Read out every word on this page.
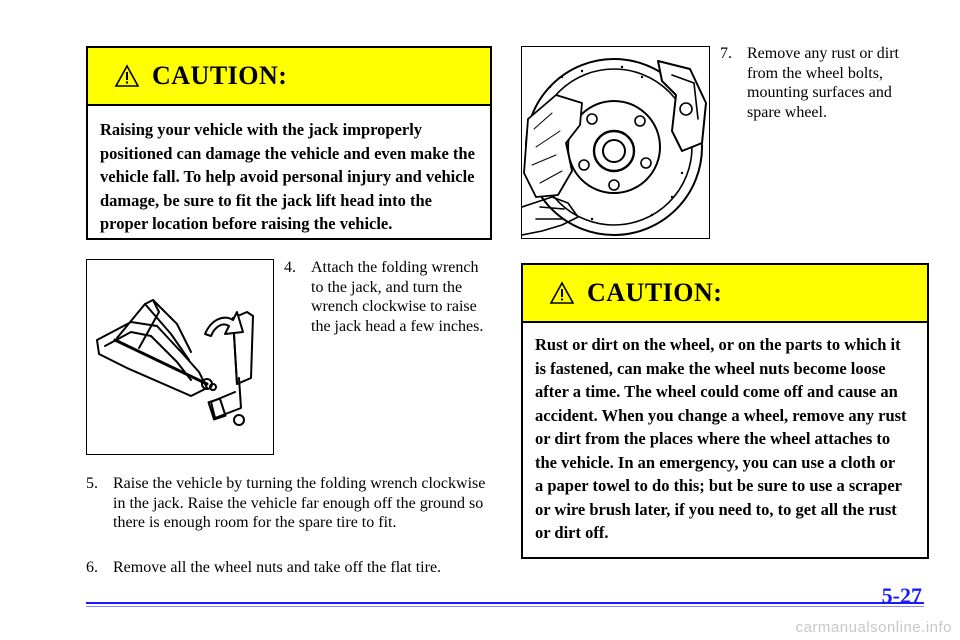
CAUTION:
Raising your vehicle with the jack improperly positioned can damage the vehicle and even make the vehicle fall. To help avoid personal injury and vehicle damage, be sure to fit the jack lift head into the proper location before raising the vehicle.
4. Attach the folding wrench to the jack, and turn the wrench clockwise to raise the jack head a few inches.
5. Raise the vehicle by turning the folding wrench clockwise in the jack. Raise the vehicle far enough off the ground so there is enough room for the spare tire to fit.
6. Remove all the wheel nuts and take off the flat tire.
7. Remove any rust or dirt from the wheel bolts, mounting surfaces and spare wheel.
CAUTION:
Rust or dirt on the wheel, or on the parts to which it is fastened, can make the wheel nuts become loose after a time. The wheel could come off and cause an accident. When you change a wheel, remove any rust or dirt from the places where the wheel attaches to the vehicle. In an emergency, you can use a cloth or a paper towel to do this; but be sure to use a scraper or wire brush later, if you need to, to get all the rust or dirt off.
5-27
carmanualsonline.info
